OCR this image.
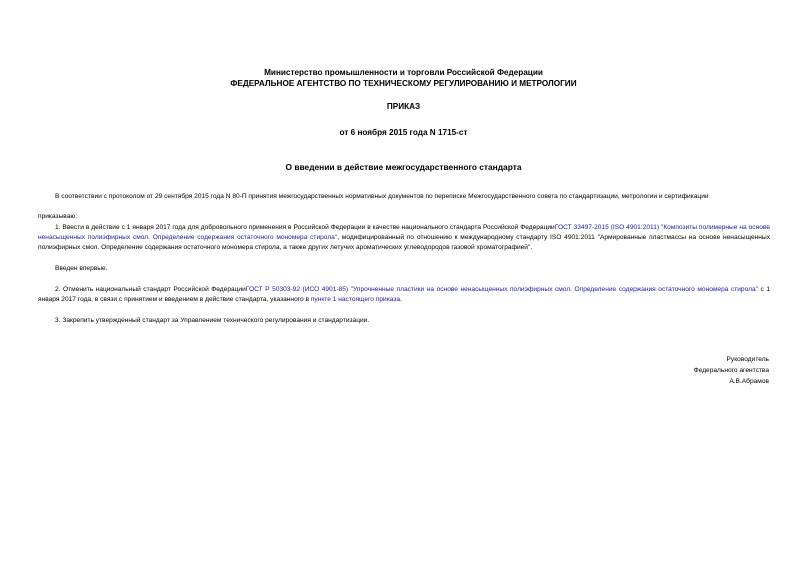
Министерство промышленности и торговли Российской Федерации
ФЕДЕРАЛЬНОЕ АГЕНТСТВО ПО ТЕХНИЧЕСКОМУ РЕГУЛИРОВАНИЮ И МЕТРОЛОГИИ
ПРИКАЗ
от 6 ноября 2015 года N 1715-ст
О введении в действие межгосударственного стандарта
В соответствии с протоколом от 29 сентября 2015 года N 80-П принятия межгосударственных нормативных документов по переписке Межгосударственного совета по стандартизации, метрологии и сертификации
приказываю:
1. Ввести в действие с 1 января 2017 года для добровольного применения в Российской Федерации в качестве национального стандарта Российской ФедерацииГОСТ 33497-2015 (ISO 4901:2011) "Композиты полимерные на основе ненасыщенных полиэфирных смол. Определение содержания остаточного мономера стирола", модифицированный по отношению к международному стандарту ISO 4901:2011 "Армированные пластмассы на основе ненасыщенных полиэфирных смол. Определение содержания остаточного мономера стирола, а также других летучих ароматических углеводородов газовой хроматографией".
Введен впервые.
2. Отменить национальный стандарт Российской ФедерацииГОСТ Р 50303-92 (ИСО 4901-85) "Упрочненные пластики на основе ненасыщенных полиэфирных смол. Определение содержания остаточного мономера стирола" с 1 января 2017 года, в связи с принятием и введением в действие стандарта, указанного в пункте 1 настоящего приказа.
3. Закрепить утвержденный стандарт за Управлением технического регулирования и стандартизации.
Руководитель
Федерального агентства
А.В.Абрамов
